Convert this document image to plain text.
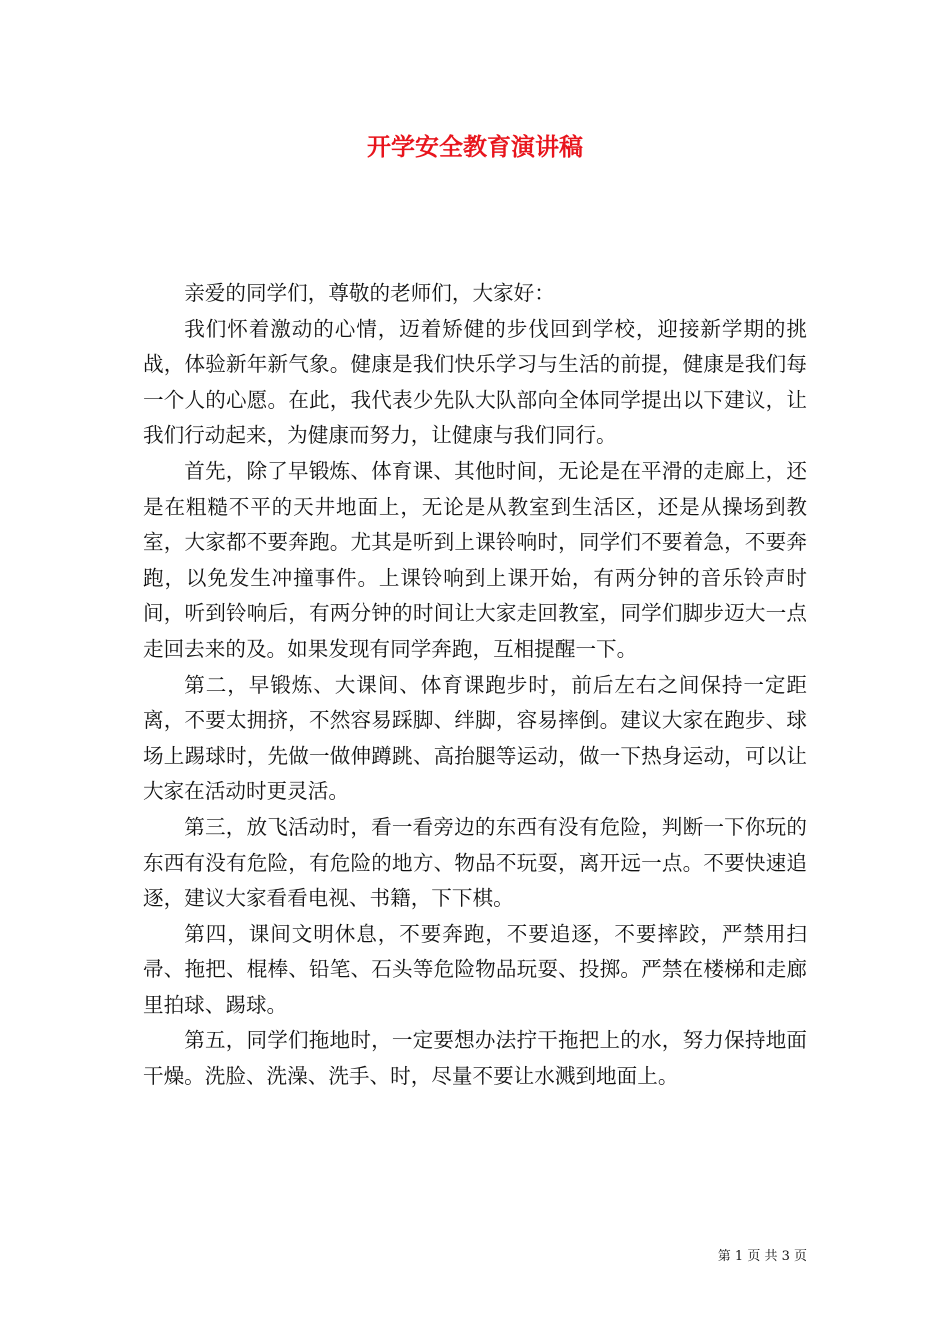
开学安全教育演讲稿

亲爱的同学们，尊敬的老师们，大家好：

我们怀着激动的心情，迈着矫健的步伐回到学校，迎接新学期的挑战，体验新年新气象。健康是我们快乐学习与生活的前提，健康是我们每一个人的心愿。在此，我代表少先队大队部向全体同学提出以下建议，让我们行动起来，为健康而努力，让健康与我们同行。

首先，除了早锻炼、体育课、其他时间，无论是在平滑的走廊上，还是在粗糙不平的天井地面上，无论是从教室到生活区，还是从操场到教室，大家都不要奔跑。尤其是听到上课铃响时，同学们不要着急，不要奔跑，以免发生冲撞事件。上课铃响到上课开始，有两分钟的音乐铃声时间，听到铃响后，有两分钟的时间让大家走回教室，同学们脚步迈大一点走回去来的及。如果发现有同学奔跑，互相提醒一下。

第二，早锻炼、大课间、体育课跑步时，前后左右之间保持一定距离，不要太拥挤，不然容易踩脚、绊脚，容易摔倒。建议大家在跑步、球场上踢球时，先做一做伸蹲跳、高抬腿等运动，做一下热身运动，可以让大家在活动时更灵活。

第三，放飞活动时，看一看旁边的东西有没有危险，判断一下你玩的东西有没有危险，有危险的地方、物品不玩耍，离开远一点。不要快速追逐，建议大家看看电视、书籍，下下棋。

第四，课间文明休息，不要奔跑，不要追逐，不要摔跤，严禁用扫帚、拖把、棍棒、铅笔、石头等危险物品玩耍、投掷。严禁在楼梯和走廊里拍球、踢球。

第五，同学们拖地时，一定要想办法拧干拖把上的水，努力保持地面干燥。洗脸、洗澡、洗手、时，尽量不要让水溅到地面上。

第 1 页 共 3 页
